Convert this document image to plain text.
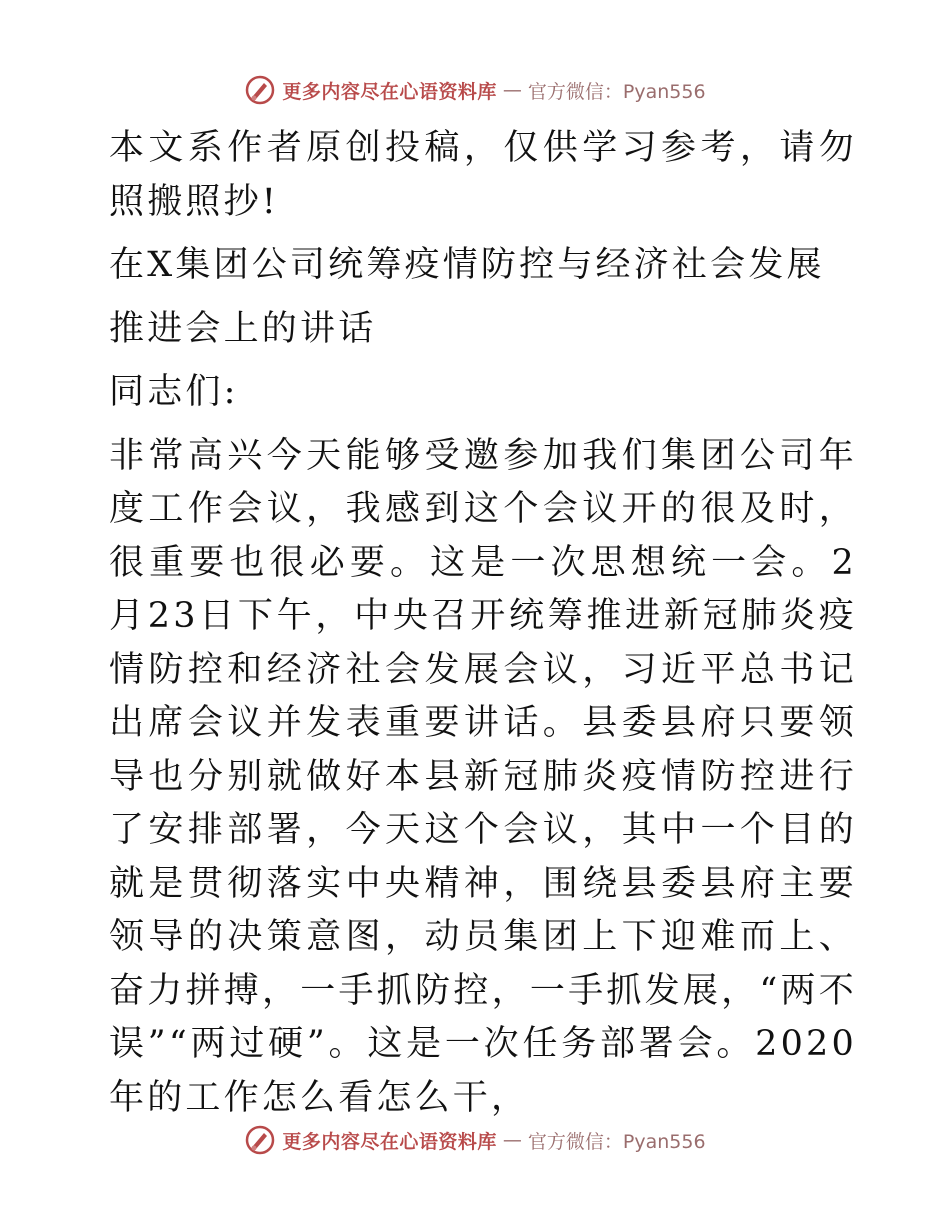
更多内容尽在心语资料库 — 官方微信：Pyan556

本文系作者原创投稿，仅供学习参考，请勿照搬照抄!

在X集团公司统筹疫情防控与经济社会发展

推进会上的讲话

同志们:

非常高兴今天能够受邀参加我们集团公司年度工作会议，我感到这个会议开的很及时，很重要也很必要。这是一次思想统一会。2月23日下午，中央召开统筹推进新冠肺炎疫情防控和经济社会发展会议，习近平总书记出席会议并发表重要讲话。县委县府只要领导也分别就做好本县新冠肺炎疫情防控进行了安排部署，今天这个会议，其中一个目的就是贯彻落实中央精神，围绕县委县府主要领导的决策意图，动员集团上下迎难而上、奋力拼搏，一手抓防控，一手抓发展，“两不误”“两过硬”。这是一次任务部署会。2020年的工作怎么看怎么干，

更多内容尽在心语资料库 — 官方微信：Pyan556
